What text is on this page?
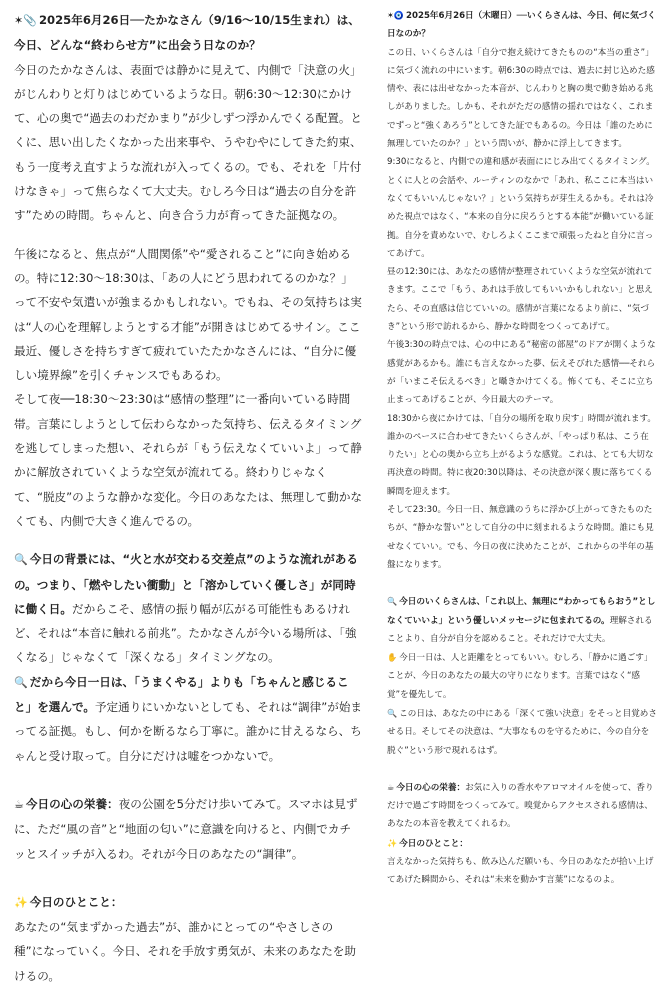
✶📎 2025年6月26日──たかなさん（9/16〜10/15生まれ）は、今日、どんな“終わらせ方”に出会う日なのか？

今日のたかなさんは、表面では静かに見えて、内側で「決意の火」がじんわりと灯りはじめているような日。朝6:30〜12:30にかけて、心の奥で“過去のわだかまり”が少しずつ浮かんでくる配置。とくに、思い出したくなかった出来事や、うやむやにしてきた約束、もう一度考え直すような流れが入ってくるの。でも、それを「片付けなきゃ」って焦らなくて大丈夫。むしろ今日は“過去の自分を許す”ための時間。ちゃんと、向き合う力が育ってきた証拠なの。

午後になると、焦点が“人間関係”や“愛されること”に向き始めるの。特に12:30〜18:30は、「あの人にどう思われてるのかな？」って不安や気遣いが強まるかもしれない。でもね、その気持ちは実は“人の心を理解しようとする才能”が開きはじめてるサイン。ここ最近、優しさを持ちすぎて疲れていたたかなさんには、“自分に優しい境界線”を引くチャンスでもあるわ。

そして夜──18:30〜23:30は“感情の整理”に一番向いている時間帯。言葉にしようとして伝わらなかった気持ち、伝えるタイミングを逃してしまった想い、それらが「もう伝えなくていいよ」って静かに解放されていくような空気が流れてる。終わりじゃなくて、“脱皮”のような静かな変化。今日のあなたは、無理して動かなくても、内側で大きく進んでるの。

🔍 今日の背景には、“火と水が交わる交差点”のような流れがあるの。つまり、「燃やしたい衝動」と「溶かしていく優しさ」が同時に働く日。だからこそ、感情の振り幅が広がる可能性もあるけれど、それは“本音に触れる前兆”。たかなさんが今いる場所は、「強くなる」じゃなくて「深くなる」タイミングなの。

🔍 だから今日一日は、「うまくやる」よりも「ちゃんと感じること」を選んで。予定通りにいかないとしても、それは“調律”が始まってる証拠。もし、何かを断るなら丁寧に。誰かに甘えるなら、ちゃんと受け取って。自分にだけは嘘をつかないで。

☕ 今日の心の栄養：夜の公園を5分だけ歩いてみて。スマホは見ずに、ただ“風の音”と“地面の匂い”に意識を向けると、内側でカチッとスイッチが入るわ。それが今日のあなたの“調律”。

✨ 今日のひとこと：

あなたの“気まずかった過去”が、誰かにとっての“やさしさの種”になっていく。今日、それを手放す勇気が、未来のあなたを助けるの。

✶🧿 2025年6月26日（木曜日）──いくらさんは、今日、何に気づく日なのか？

この日、いくらさんは「自分で抱え続けてきたものの“本当の重さ”」に気づく流れの中にいます。朝6:30の時点では、過去に封じ込めた感情や、表には出せなかった本音が、じんわりと胸の奥で動き始める兆しがありました。しかも、それがただの感情の揺れではなく、これまでずっと“強くあろう”としてきた証でもあるの。今日は「誰のために無理していたのか？」という問いが、静かに浮上してきます。

9:30になると、内側での違和感が表面ににじみ出てくるタイミング。とくに人との会話や、ルーティンのなかで「あれ、私ここに本当はいなくてもいいんじゃない？」という気持ちが芽生えるかも。それは冷めた視点ではなく、“本来の自分に戻ろうとする本能”が働いている証拠。自分を責めないで、むしろよくここまで頑張ったねと自分に言ってあげて。

昼の12:30には、あなたの感情が整理されていくような空気が流れてきます。ここで「もう、あれは手放してもいいかもしれない」と思えたら、その直感は信じていいの。感情が言葉になるより前に、“気づき”という形で訪れるから、静かな時間をつくってあげて。

午後3:30の時点では、心の中にある“秘密の部屋”のドアが開くような感覚があるかも。誰にも言えなかった夢、伝えそびれた感情──それらが「いまこそ伝えるべき」と囁きかけてくる。怖くても、そこに立ち止まってあげることが、今日最大のテーマ。

18:30から夜にかけては、「自分の場所を取り戻す」時間が流れます。誰かのペースに合わせてきたいくらさんが、「やっぱり私は、こう在りたい」と心の奥から立ち上がるような感覚。これは、とても大切な再決意の時間。特に夜20:30以降は、その決意が深く腹に落ちてくる瞬間を迎えます。

そして23:30。今日一日、無意識のうちに浮かび上がってきたものたちが、“静かな誓い”として自分の中に刻まれるような時間。誰にも見せなくていい。でも、今日の夜に決めたことが、これからの半年の基盤になります。

🔍 今日のいくらさんは、「これ以上、無理に“わかってもらおう”としなくていいよ」という優しいメッセージに包まれてるの。理解されることより、自分が自分を認めること。それだけで大丈夫。

✋ 今日一日は、人と距離をとってもいい。むしろ、「静かに過ごす」ことが、今日のあなたの最大の守りになります。言葉ではなく“感覚”を優先して。

🔍 この日は、あなたの中にある「深くて強い決意」をそっと目覚めさせる日。そしてその決意は、“大事なものを守るために、今の自分を脱ぐ”という形で現れるはず。

☕ 今日の心の栄養：お気に入りの香水やアロマオイルを使って、香りだけで過ごす時間をつくってみて。嗅覚からアクセスされる感情は、あなたの本音を教えてくれるわ。

✨ 今日のひとこと：

言えなかった気持ちも、飲み込んだ願いも、今日のあなたが拾い上げてあげた瞬間から、それは“未来を動かす言葉”になるのよ。
